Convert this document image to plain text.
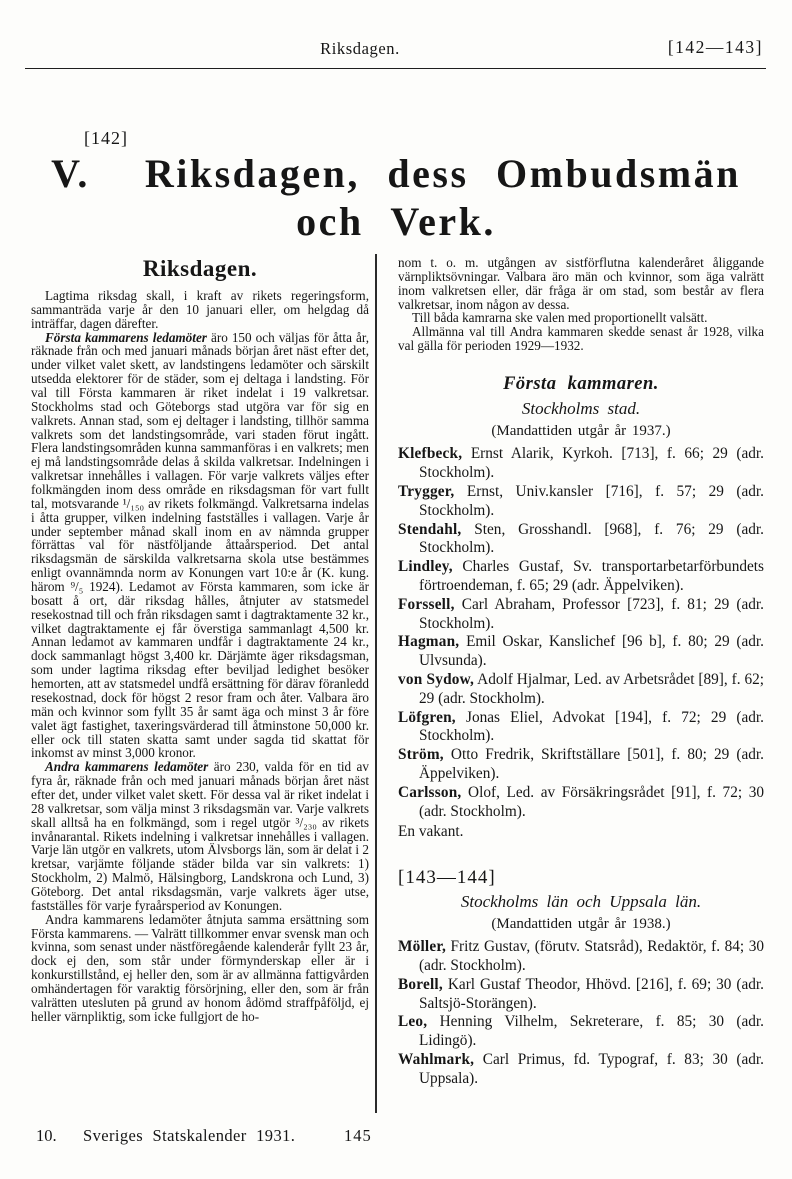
Riksdagen.	[142—143]
[142]
V.  Riksdagen, dess Ombudsmän
och Verk.
Riksdagen.

Lagtima riksdag skall, i kraft av rikets regeringsform, sammanträda varje år den 10 januari eller, om helgdag då inträffar, dagen därefter.

Första kammarens ledamöter äro 150 och väljas för åtta år, räknade från och med januari månads början året näst efter det, under vilket valet skett, av landstingens ledamöter och särskilt utsedda elektorer för de städer, som ej deltaga i landsting. För val till Första kammaren är riket indelat i 19 valkretsar. Stockholms stad och Göteborgs stad utgöra var för sig en valkrets. Annan stad, som ej deltager i landsting, tillhör samma valkrets som det landstingsområde, vari staden förut ingått. Flera landstingsområden kunna sammanföras i en valkrets; men ej må landstingsområde delas å skilda valkretsar. Indelningen i valkretsar innehålles i vallagen. För varje valkrets väljes efter folkmängden inom dess område en riksdagsman för vart fullt tal, motsvarande ¹/₁₅₀ av rikets folkmängd. Valkretsarna indelas i åtta grupper, vilken indelning fastställes i vallagen. Varje år under september månad skall inom en av nämnda grupper förrättas val för nästföljande åttaårsperiod. Det antal riksdagsmän de särskilda valkretsarna skola utse bestämmes enligt ovannämnda norm av Konungen vart 10:e år (K. kung. härom ⁹/₅ 1924). Ledamot av Första kammaren, som icke är bosatt å ort, där riksdag hålles, åtnjuter av statsmedel resekostnad till och från riksdagen samt i dagtraktamente 32 kr., vilket dagtraktamente ej får överstiga sammanlagt 4,500 kr. Annan ledamot av kammaren undfår i dagtraktamente 24 kr., dock sammanlagt högst 3,400 kr. Därjämte äger riksdagsman, som under lagtima riksdag efter beviljad ledighet besöker hemorten, att av statsmedel undfå ersättning för därav föranledd resekostnad, dock för högst 2 resor fram och åter. Valbara äro män och kvinnor som fyllt 35 år samt äga och minst 3 år före valet ägt fastighet, taxeringsvärderad till åtminstone 50,000 kr. eller ock till staten skatta samt under sagda tid skattat för inkomst av minst 3,000 kronor.

Andra kammarens ledamöter äro 230, valda för en tid av fyra år, räknade från och med januari månads början året näst efter det, under vilket valet skett. För dessa val är riket indelat i 28 valkretsar, som välja minst 3 riksdagsmän var. Varje valkrets skall alltså ha en folkmängd, som i regel utgör ³/₂₃₀ av rikets invånarantal. Rikets indelning i valkretsar innehålles i vallagen. Varje län utgör en valkrets, utom Älvsborgs län, som är delat i 2 kretsar, varjämte följande städer bilda var sin valkrets: 1) Stockholm, 2) Malmö, Hälsingborg, Landskrona och Lund, 3) Göteborg. Det antal riksdagsmän, varje valkrets äger utse, fastställes för varje fyraårsperiod av Konungen.

Andra kammarens ledamöter åtnjuta samma ersättning som Första kammarens. — Valrätt tillkommer envar svensk man och kvinna, som senast under nästföregående kalenderår fyllt 23 år, dock ej den, som står under förmynderskap eller är i konkurstillstånd, ej heller den, som är av allmänna fattigvården omhändertagen för varaktig försörjning, eller den, som är från valrätten utesluten på grund av honom ådömd straffpåföljd, ej heller värnpliktig, som icke fullgjort de ho-

nom t. o. m. utgången av sistförflutna kalenderåret åliggande värnpliktsövningar. Valbara äro män och kvinnor, som äga valrätt inom valkretsen eller, där fråga är om stad, som består av flera valkretsar, inom någon av dessa.

Till båda kamrarna ske valen med proportionellt valsätt.

Allmänna val till Andra kammaren skedde senast år 1928, vilka val gälla för perioden 1929—1932.

Första kammaren.

Stockholms stad.

(Mandattiden utgår år 1937.)

Klefbeck, Ernst Alarik, Kyrkoh. [713], f. 66; 29 (adr. Stockholm).

Trygger, Ernst, Univ.kansler [716], f. 57; 29 (adr. Stockholm).

Stendahl, Sten, Grosshandl. [968], f. 76; 29 (adr. Stockholm).

Lindley, Charles Gustaf, Sv. transportarbetarförbundets förtroendeman, f. 65; 29 (adr. Äppelviken).

Forssell, Carl Abraham, Professor [723], f. 81; 29 (adr. Stockholm).

Hagman, Emil Oskar, Kanslichef [96 b], f. 80; 29 (adr. Ulvsunda).

von Sydow, Adolf Hjalmar, Led. av Arbetsrådet [89], f. 62; 29 (adr. Stockholm).

Löfgren, Jonas Eliel, Advokat [194], f. 72; 29 (adr. Stockholm).

Ström, Otto Fredrik, Skriftställare [501], f. 80; 29 (adr. Äppelviken).

Carlsson, Olof, Led. av Försäkringsrådet [91], f. 72; 30 (adr. Stockholm).

En vakant.

[143—144]

Stockholms län och Uppsala län.

(Mandattiden utgår år 1938.)

Möller, Fritz Gustav, (förutv. Statsråd), Redaktör, f. 84; 30 (adr. Stockholm).

Borell, Karl Gustaf Theodor, Hhövd. [216], f. 69; 30 (adr. Saltsjö-Storängen).

Leo, Henning Vilhelm, Sekreterare, f. 85; 30 (adr. Lidingö).

Wahlmark, Carl Primus, fd. Typograf, f. 83; 30 (adr. Uppsala).

10. Sveriges Statskalender 1931.	145
